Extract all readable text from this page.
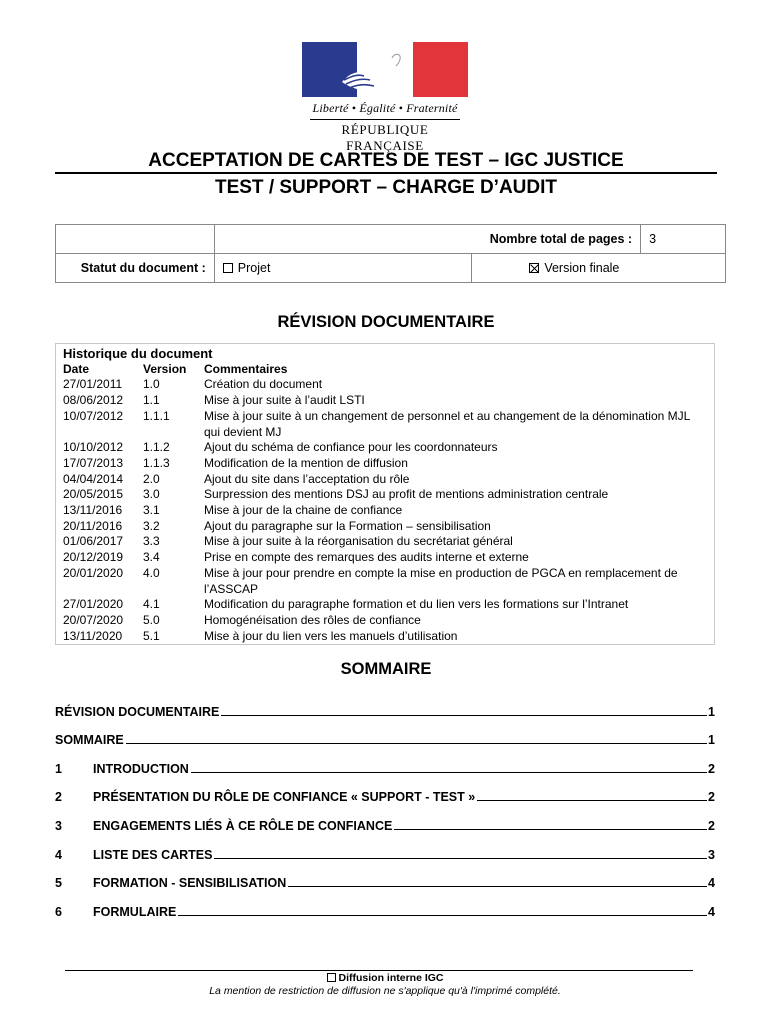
Liberté • Égalité • Fraternité
RÉPUBLIQUE FRANÇAISE
ACCEPTATION DE CARTES DE TEST – IGC JUSTICE
TEST / SUPPORT – CHARGE D’AUDIT
	Nombre total de pages :		3
Statut du document :	Projet	Version finale	
RÉVISION DOCUMENTAIRE
Historique du document
Date	Version	Commentaires
27/01/2011	1.0	Création du document
08/06/2012	1.1	Mise à jour suite à l’audit LSTI
10/07/2012	1.1.1	Mise à jour suite à un changement de personnel et au changement de la dénomination MJL qui devient MJ
10/10/2012	1.1.2	Ajout du schéma de confiance pour les coordonnateurs
17/07/2013	1.1.3	Modification de la mention de diffusion
04/04/2014	2.0	Ajout du site dans l’acceptation du rôle
20/05/2015	3.0	Surpression des mentions DSJ au profit de mentions administration centrale
13/11/2016	3.1	Mise à jour de la chaine de confiance
20/11/2016	3.2	Ajout du paragraphe sur la Formation – sensibilisation
01/06/2017	3.3	Mise à jour suite à la réorganisation du secrétariat général
20/12/2019	3.4	Prise en compte des remarques des audits interne et externe
20/01/2020	4.0	Mise à jour pour prendre en compte la mise en production de PGCA en remplacement de l’ASSCAP
27/01/2020	4.1	Modification du paragraphe formation et du lien vers les formations sur l’Intranet
20/07/2020	5.0	Homogénéisation des rôles de confiance
13/11/2020	5.1	Mise à jour du lien vers les manuels d’utilisation
SOMMAIRE
RÉVISION DOCUMENTAIRE	1
SOMMAIRE	1
1	INTRODUCTION	2
2	PRÉSENTATION DU RÔLE DE CONFIANCE « SUPPORT - TEST »	2
3	ENGAGEMENTS LIÉS À CE RÔLE DE CONFIANCE	2
4	LISTE DES CARTES	3
5	FORMATION - SENSIBILISATION	4
6	FORMULAIRE	4
Diffusion interne IGC
La mention de restriction de diffusion ne s'applique qu'à l'imprimé complété.
